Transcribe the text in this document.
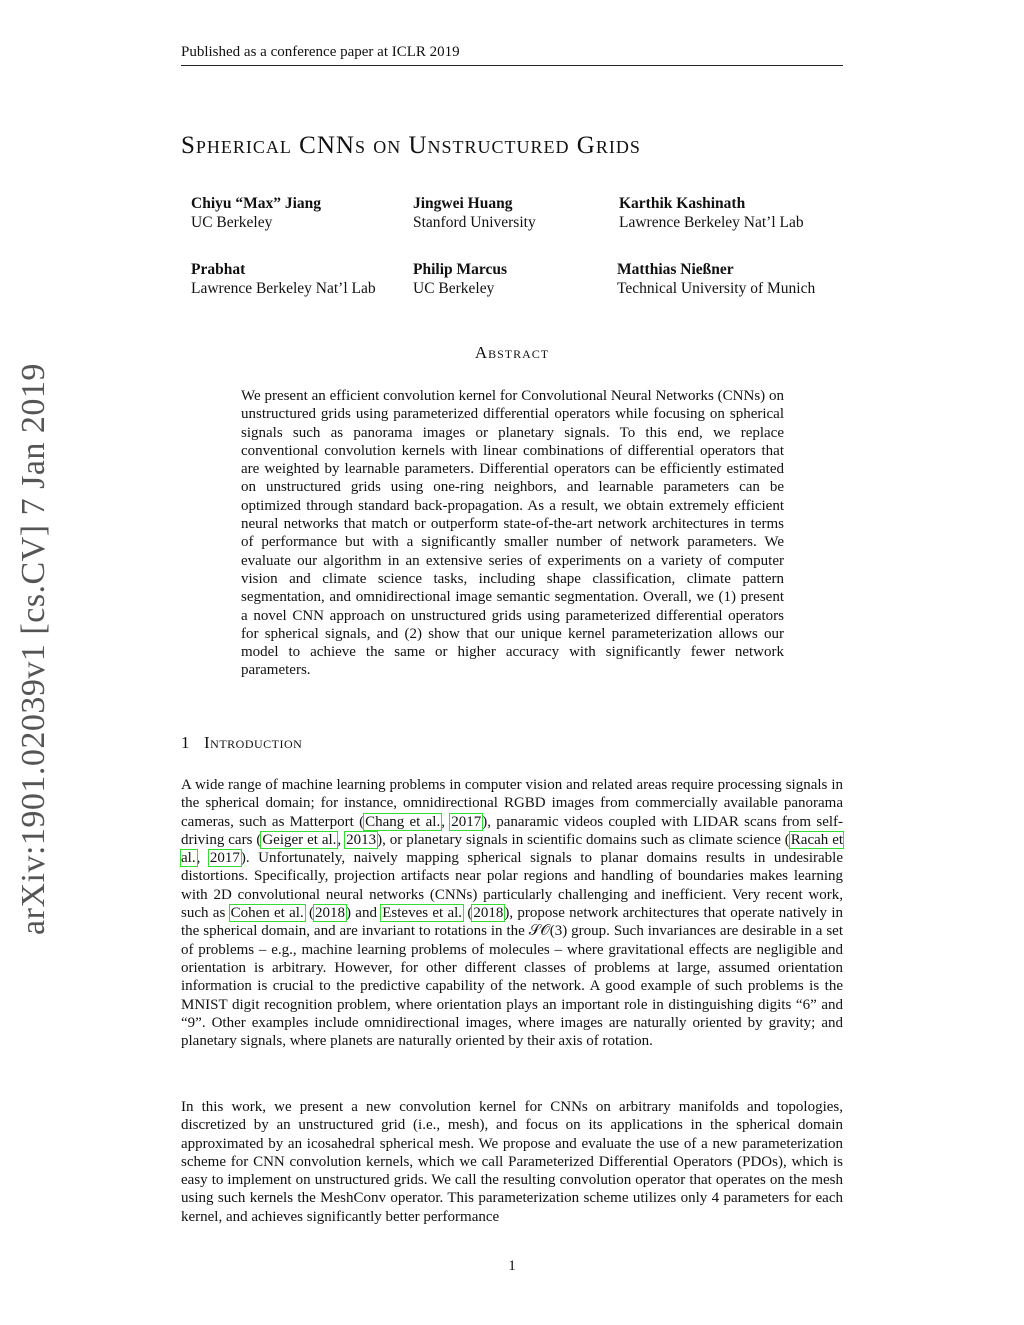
Published as a conference paper at ICLR 2019
arXiv:1901.02039v1 [cs.CV] 7 Jan 2019
Spherical CNNs on Unstructured Grids
Chiyu “Max” Jiang
UC Berkeley
Jingwei Huang
Stanford University
Karthik Kashinath
Lawrence Berkeley Nat’l Lab
Prabhat
Lawrence Berkeley Nat’l Lab
Philip Marcus
UC Berkeley
Matthias Nießner
Technical University of Munich
Abstract
We present an efficient convolution kernel for Convolutional Neural Networks (CNNs) on unstructured grids using parameterized differential operators while focusing on spherical signals such as panorama images or planetary signals. To this end, we replace conventional convolution kernels with linear combinations of differential operators that are weighted by learnable parameters. Differential operators can be efficiently estimated on unstructured grids using one-ring neighbors, and learnable parameters can be optimized through standard back-propagation. As a result, we obtain extremely efficient neural networks that match or outperform state-of-the-art network architectures in terms of performance but with a significantly smaller number of network parameters. We evaluate our algorithm in an extensive series of experiments on a variety of computer vision and climate science tasks, including shape classification, climate pattern segmentation, and omnidirectional image semantic segmentation. Overall, we (1) present a novel CNN approach on unstructured grids using parameterized differential operators for spherical signals, and (2) show that our unique kernel parameterization allows our model to achieve the same or higher accuracy with significantly fewer network parameters.
1 Introduction
A wide range of machine learning problems in computer vision and related areas require processing signals in the spherical domain; for instance, omnidirectional RGBD images from commercially available panorama cameras, such as Matterport (Chang et al., 2017), panaramic videos coupled with LIDAR scans from self-driving cars (Geiger et al., 2013), or planetary signals in scientific domains such as climate science (Racah et al., 2017). Unfortunately, naively mapping spherical signals to planar domains results in undesirable distortions. Specifically, projection artifacts near polar regions and handling of boundaries makes learning with 2D convolutional neural networks (CNNs) particularly challenging and inefficient. Very recent work, such as Cohen et al. (2018) and Esteves et al. (2018), propose network architectures that operate natively in the spherical domain, and are invariant to rotations in the 𝒮𝒪(3) group. Such invariances are desirable in a set of problems – e.g., machine learning problems of molecules – where gravitational effects are negligible and orientation is arbitrary. However, for other different classes of problems at large, assumed orientation information is crucial to the predictive capability of the network. A good example of such problems is the MNIST digit recognition problem, where orientation plays an important role in distinguishing digits “6” and “9”. Other examples include omnidirectional images, where images are naturally oriented by gravity; and planetary signals, where planets are naturally oriented by their axis of rotation.
In this work, we present a new convolution kernel for CNNs on arbitrary manifolds and topologies, discretized by an unstructured grid (i.e., mesh), and focus on its applications in the spherical domain approximated by an icosahedral spherical mesh. We propose and evaluate the use of a new parameterization scheme for CNN convolution kernels, which we call Parameterized Differential Operators (PDOs), which is easy to implement on unstructured grids. We call the resulting convolution operator that operates on the mesh using such kernels the MeshConv operator. This parameterization scheme utilizes only 4 parameters for each kernel, and achieves significantly better performance
1
